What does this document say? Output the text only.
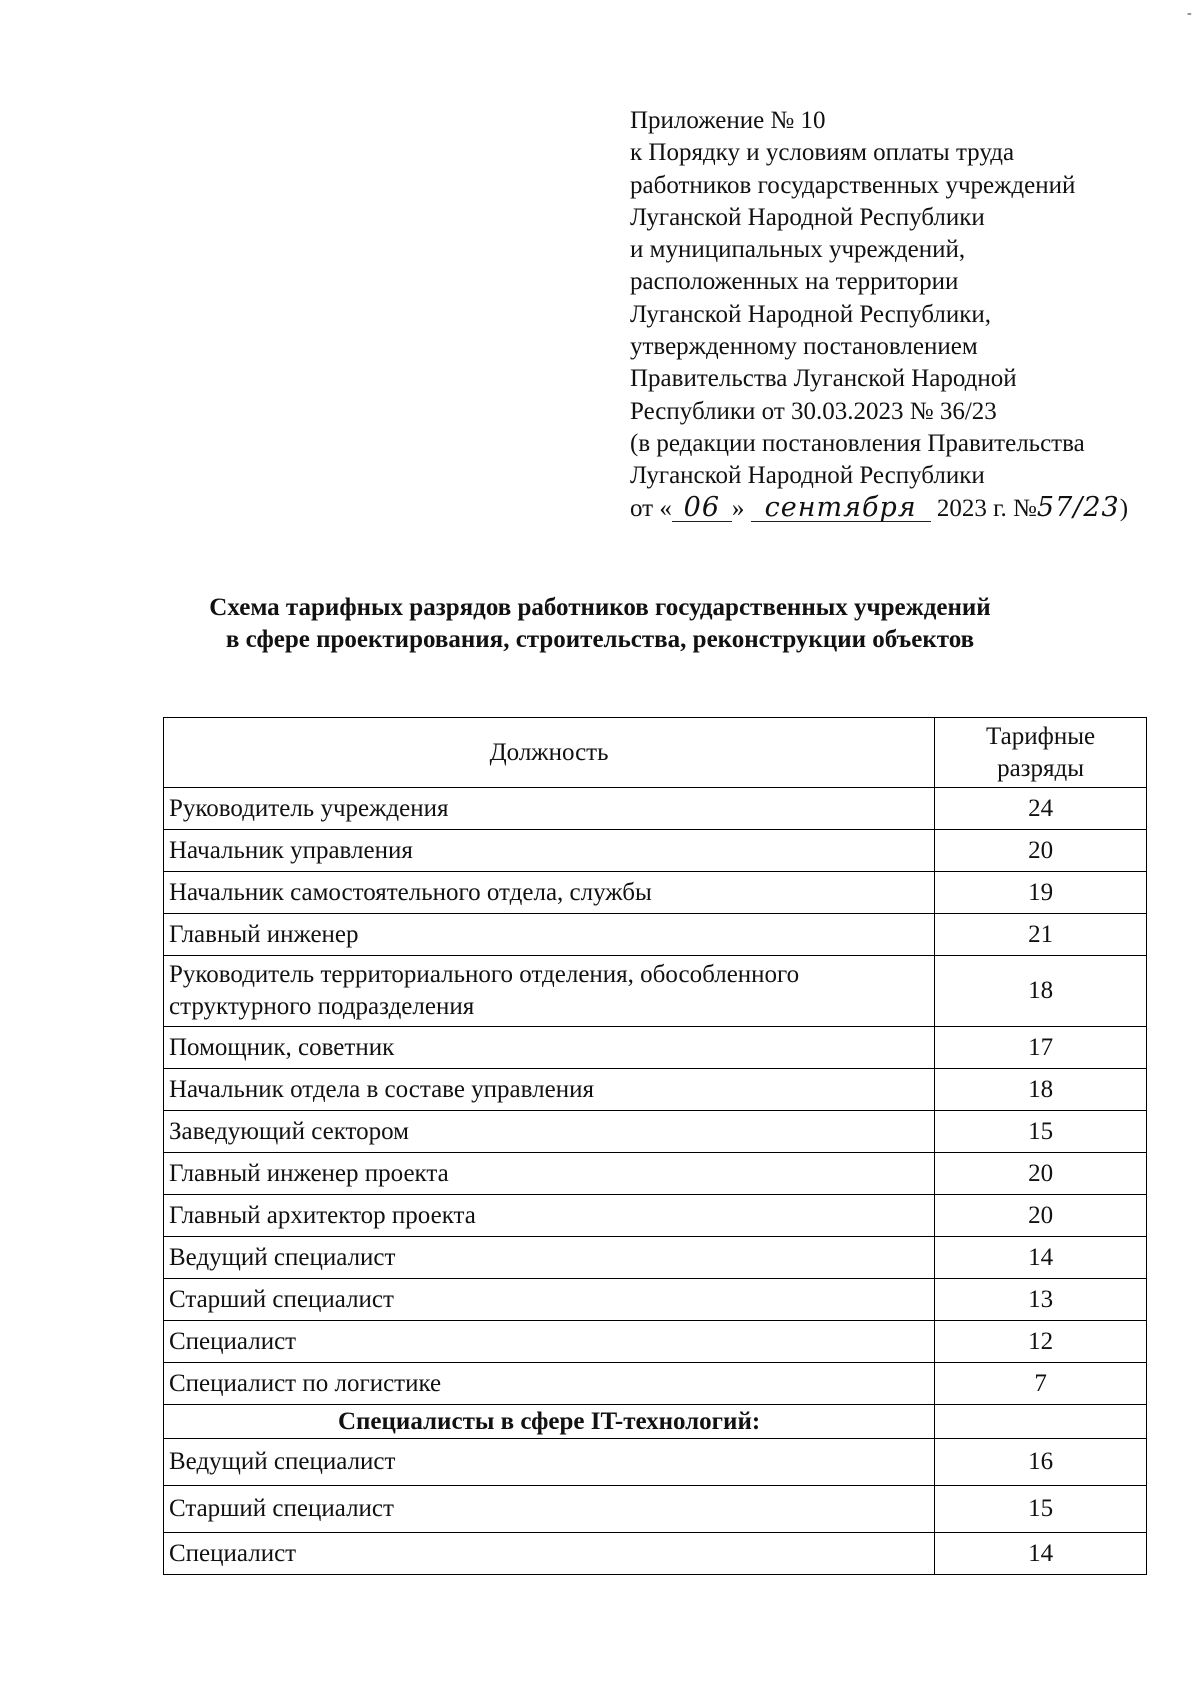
-
Приложение № 10
к Порядку и условиям оплаты труда
работников государственных учреждений
Луганской Народной Республики
и муниципальных учреждений,
расположенных на территории
Луганской Народной Республики,
утвержденному постановлением
Правительства Луганской Народной
Республики от 30.03.2023 № 36/23
(в редакции постановления Правительства
Луганской Народной Республики
от « 06 » сентября 2023 г. №57/23)
Схема тарифных разрядов работников государственных учреждений
в сфере проектирования, строительства, реконструкции объектов
Должность	Тарифные
разряды

Руководитель учреждения	24
Начальник управления	20
Начальник самостоятельного отдела, службы	19
Главный инженер	21

Руководитель территориального отделения, обособленного
структурного подразделения	18
Помощник, советник	17
Начальник отдела в составе управления	18
Заведующий сектором	15
Главный инженер проекта	20
Главный архитектор проекта	20
Ведущий специалист	14
Старший специалист	13
Специалист	12
Специалист по логистике	7
Специалисты в сфере IT-технологий:	
Ведущий специалист	16
Старший специалист	15
Специалист	14
